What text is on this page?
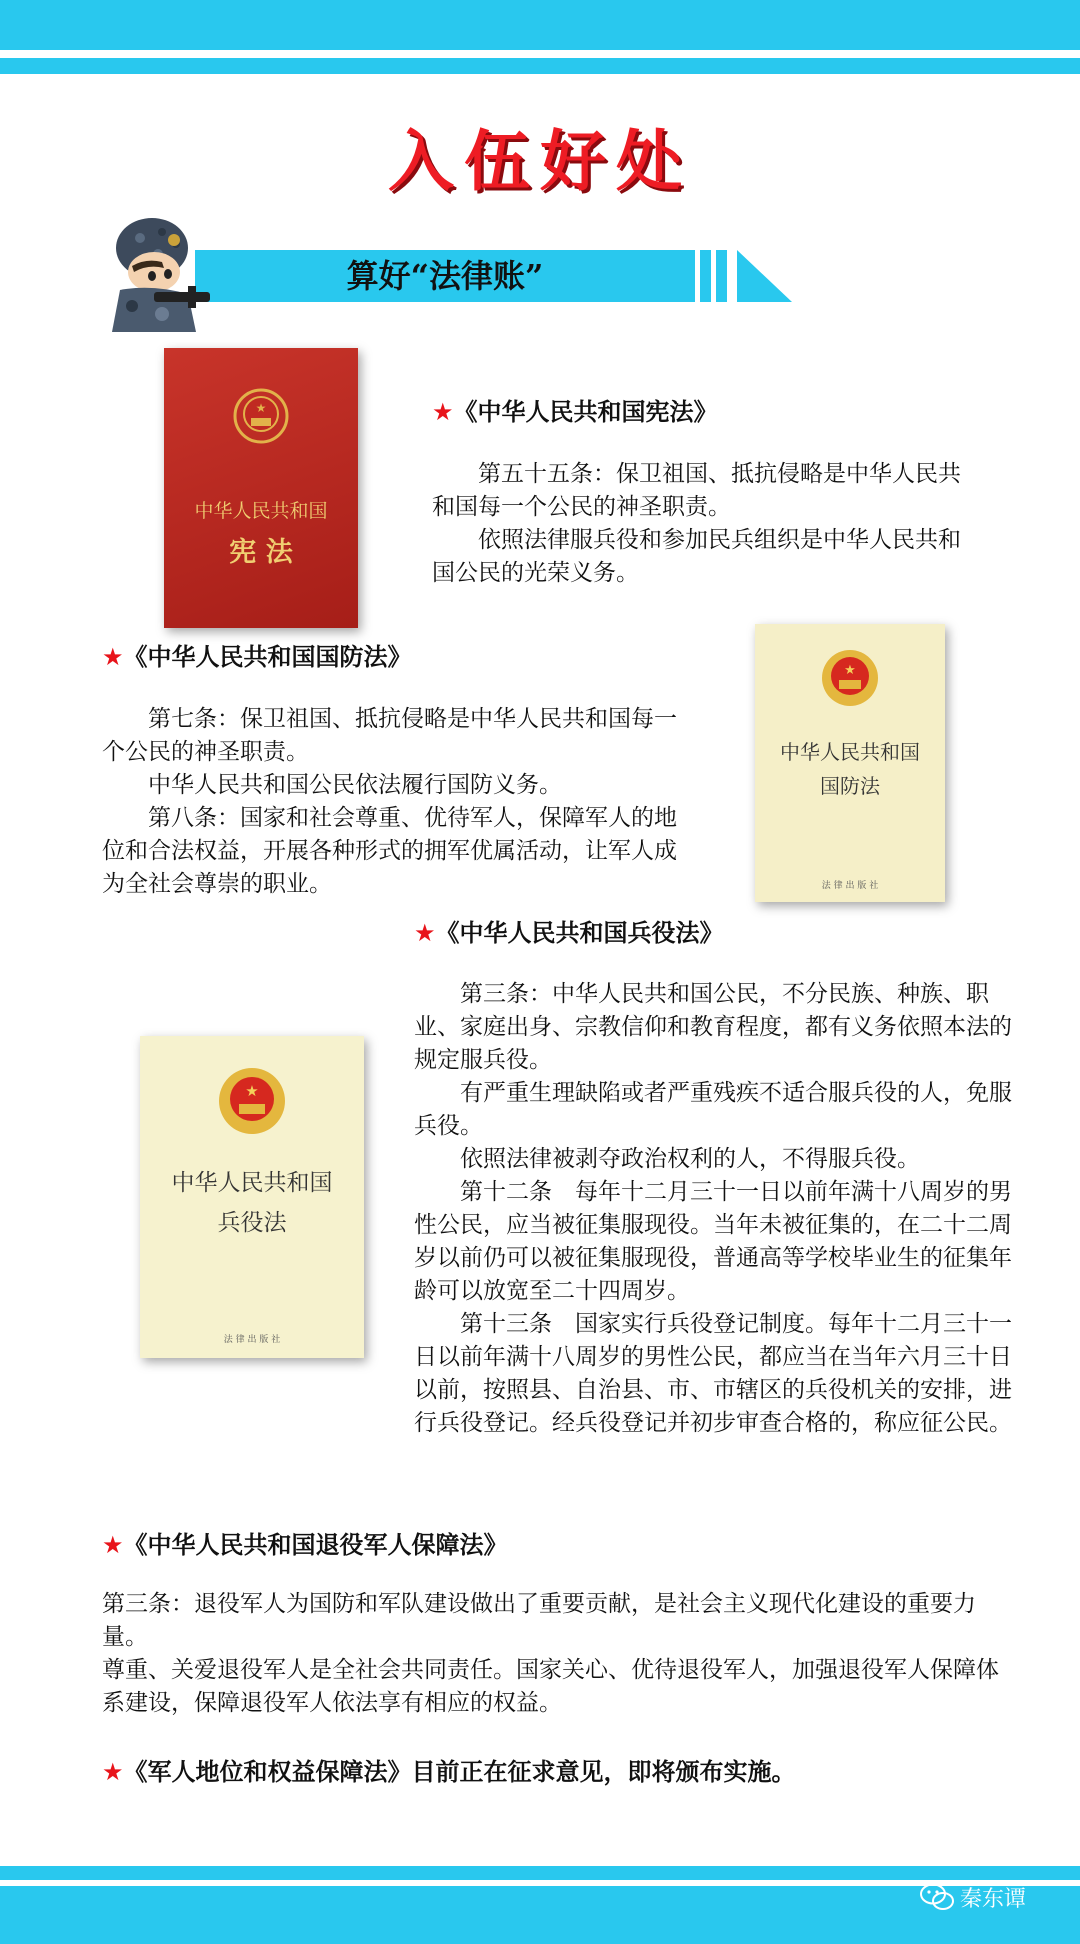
入伍好处
算好“法律账”
★
中华人民共和国
宪 法
★《中华人民共和国宪法》

第五十五条：保卫祖国、抵抗侵略是中华人民共和国每一个公民的神圣职责。

依照法律服兵役和参加民兵组织是中华人民共和国公民的光荣义务。

★《中华人民共和国国防法》

第七条：保卫祖国、抵抗侵略是中华人民共和国每一个公民的神圣职责。

中华人民共和国公民依法履行国防义务。

第八条：国家和社会尊重、优待军人，保障军人的地位和合法权益，开展各种形式的拥军优属活动，让军人成为全社会尊崇的职业。

★
中华人民共和国
国防法
法 律 出 版 社
★《中华人民共和国兵役法》

第三条：中华人民共和国公民，不分民族、种族、职业、家庭出身、宗教信仰和教育程度，都有义务依照本法的规定服兵役。

有严重生理缺陷或者严重残疾不适合服兵役的人，免服兵役。

依照法律被剥夺政治权利的人，不得服兵役。

第十二条　每年十二月三十一日以前年满十八周岁的男性公民，应当被征集服现役。当年未被征集的，在二十二周岁以前仍可以被征集服现役，普通高等学校毕业生的征集年龄可以放宽至二十四周岁。

第十三条　国家实行兵役登记制度。每年十二月三十一日以前年满十八周岁的男性公民，都应当在当年六月三十日以前，按照县、自治县、市、市辖区的兵役机关的安排，进行兵役登记。经兵役登记并初步审查合格的，称应征公民。

★
中华人民共和国
兵役法
法 律 出 版 社
★《中华人民共和国退役军人保障法》

第三条：退役军人为国防和军队建设做出了重要贡献，是社会主义现代化建设的重要力量。

尊重、关爱退役军人是全社会共同责任。国家关心、优待退役军人，加强退役军人保障体系建设，保障退役军人依法享有相应的权益。

★《军人地位和权益保障法》目前正在征求意见，即将颁布实施。
秦东谭
